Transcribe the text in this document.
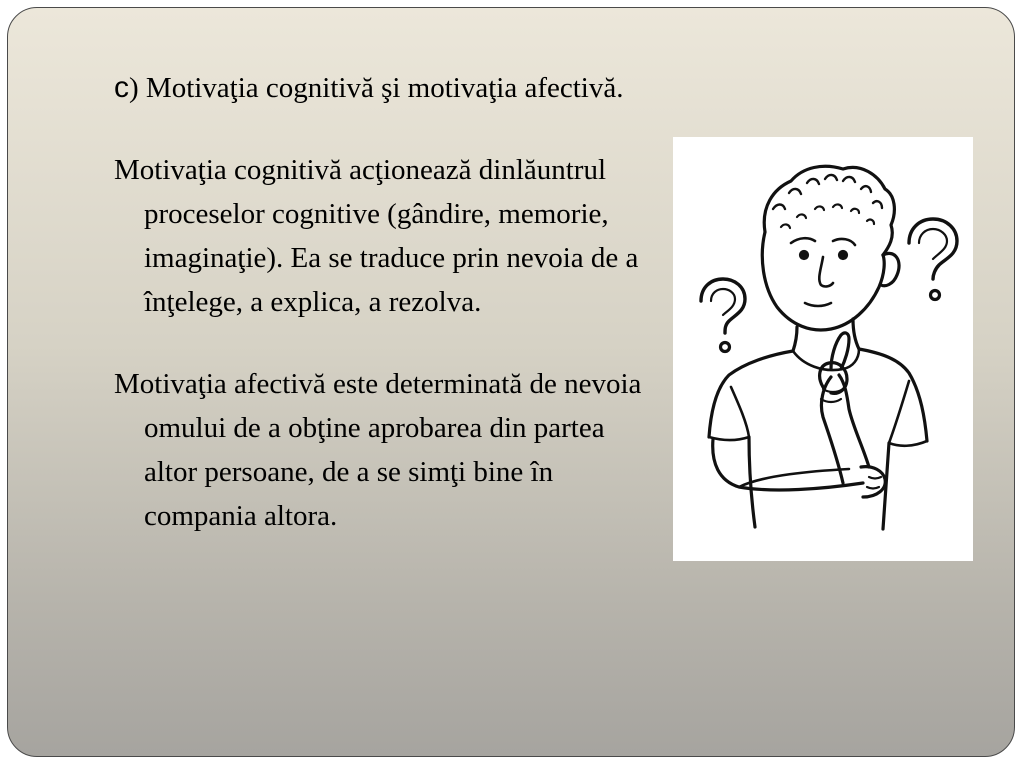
c) Motivaţia cognitivă şi motivaţia afectivă.

Motivaţia cognitivă acţionează dinlăuntrul proceselor cognitive (gândire, memorie, imaginaţie). Ea se traduce prin nevoia de a înţelege, a explica, a rezolva.

Motivaţia afectivă este determinată de nevoia omului de a obţine aprobarea din partea altor persoane, de a se simţi bine în compania altora.
